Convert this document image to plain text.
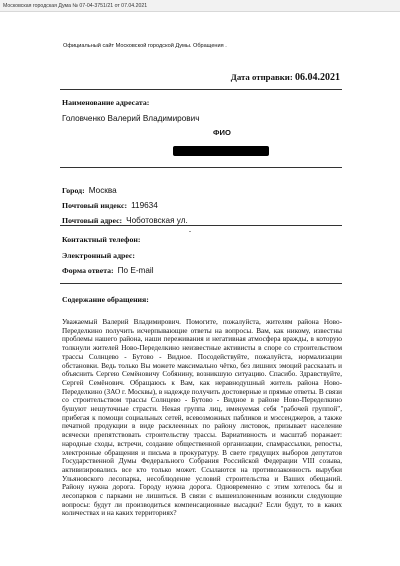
Московская городская Дума № 07-04-3751/21 от 07.04.2021
Официальный сайт Московской городской Думы. Обращения .
Дата отправки: 06.04.2021
Наименование адресата:
Головченко Валерий Владимирович
ФИО
Город: Москва
Почтовый индекс: 119634
Почтовый адрес: Чоботовская ул.
Контактный телефон:
Электронный адрес:
Форма ответа: По E-mail
Содержание обращения:
Уважаемый Валерий Владимирович. Помогите, пожалуйста, жителям района Ново-Переделкино получить исчерпывающие ответы на вопросы. Вам, как никому, известны проблемы нашего района, наши переживания и негативная атмосфера вражды, в которую толкнули жителей Ново-Переделкино неизвестные активисты в споре со строительством трассы Солнцево - Бутово - Видное. Посодействуйте, пожалуйста, нормализации обстановки. Ведь только Вы можете максимально чётко, без лишних эмоций рассказать и объяснить Сергею Семёновичу Собянину, возникшую ситуацию. Спасибо. Здравствуйте, Сергей Семёнович. Обращаюсь к Вам, как неравнодушный житель района Ново-Переделкино (ЗАО г. Москвы), в надежде получить достоверные и прямые ответы. В связи со строительством трассы Солнцево - Бутово - Видное в районе Ново-Переделкино бушуют нешуточные страсти. Некая группа лиц, именуемая себя "рабочей группой", прибегая к помощи социальных сетей, всевозможных пабликов и мэссенджеров, а также печатной продукции в виде расклеенных по району листовок, призывает население всячески препятствовать строительству трассы. Вариативность и масштаб поражает: народные сходы, встречи, создание общественной организации, спамрассылки, репосты, электронные обращения и письма в прокуратуру. В свете грядущих выборов депутатов Государственной Думы Федерального Собрания Российской Федерации VIII созыва, активизировались все кто только может. Ссылаются на противозаконность вырубки Ульяновского лесопарка, несоблюдение условий строительства и Ваших обещаний. Району нужна дорога. Городу нужна дорога. Одновременно с этим хотелось бы и лесопарков с парками не лишиться. В связи с вышеизложенным возникли следующие вопросы: будут ли производиться компенсационные высадки? Если будут, то в каких количествах и на каких территориях?
